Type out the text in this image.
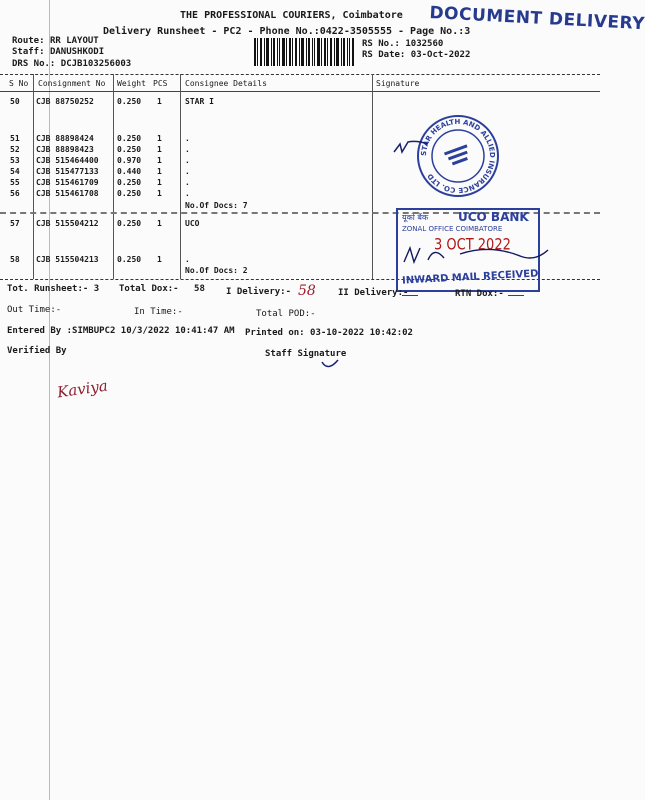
THE PROFESSIONAL COURIERS, Coimbatore DOCUMENT DELIVERY
Delivery Runsheet - PC2 - Phone No.:0422-3505555 - Page No.:3
Route: RR LAYOUT
Staff: DANUSHKODI
DRS No.: DCJB103256003
RS No.: 1032560
RS Date: 03-Oct-2022
S No Consignment No Weight PCS Consignee Details	Signature
50 CJB 88750252	0.250 1	STAR I
51 CJB 88898424	0.250 1	.
52 CJB 88898423	0.250 1	.
53 CJB 515464400 0.970 1	.
54 CJB 515477133 0.440 1	.
55 CJB 515461709 0.250 1	.
56 CJB 515461708 0.250 1	.
No.Of Docs: 7
57 CJB 515504212 0.250 1	UCO
58 CJB 515504213 0.250 1	.
No.Of Docs: 2
STAR HEALTH AND ALLIED INSURANCE CO. LTD
यूको बैंक UCO BANK
ZONAL OFFICE COIMBATORE
3 OCT 2022
INWARD MAIL RECEIVED
Tot. Runsheet:- 3 Total Dox:- 58 I Delivery:- 58 II Delivery:-	RTN Dox:-
Out Time:-	In Time:-	Total POD:-
Entered By :SIMBUPC2 10/3/2022 10:41:47 AM Printed on: 03-10-2022 10:42:02
Verified By	Staff Signature
Kaviya
